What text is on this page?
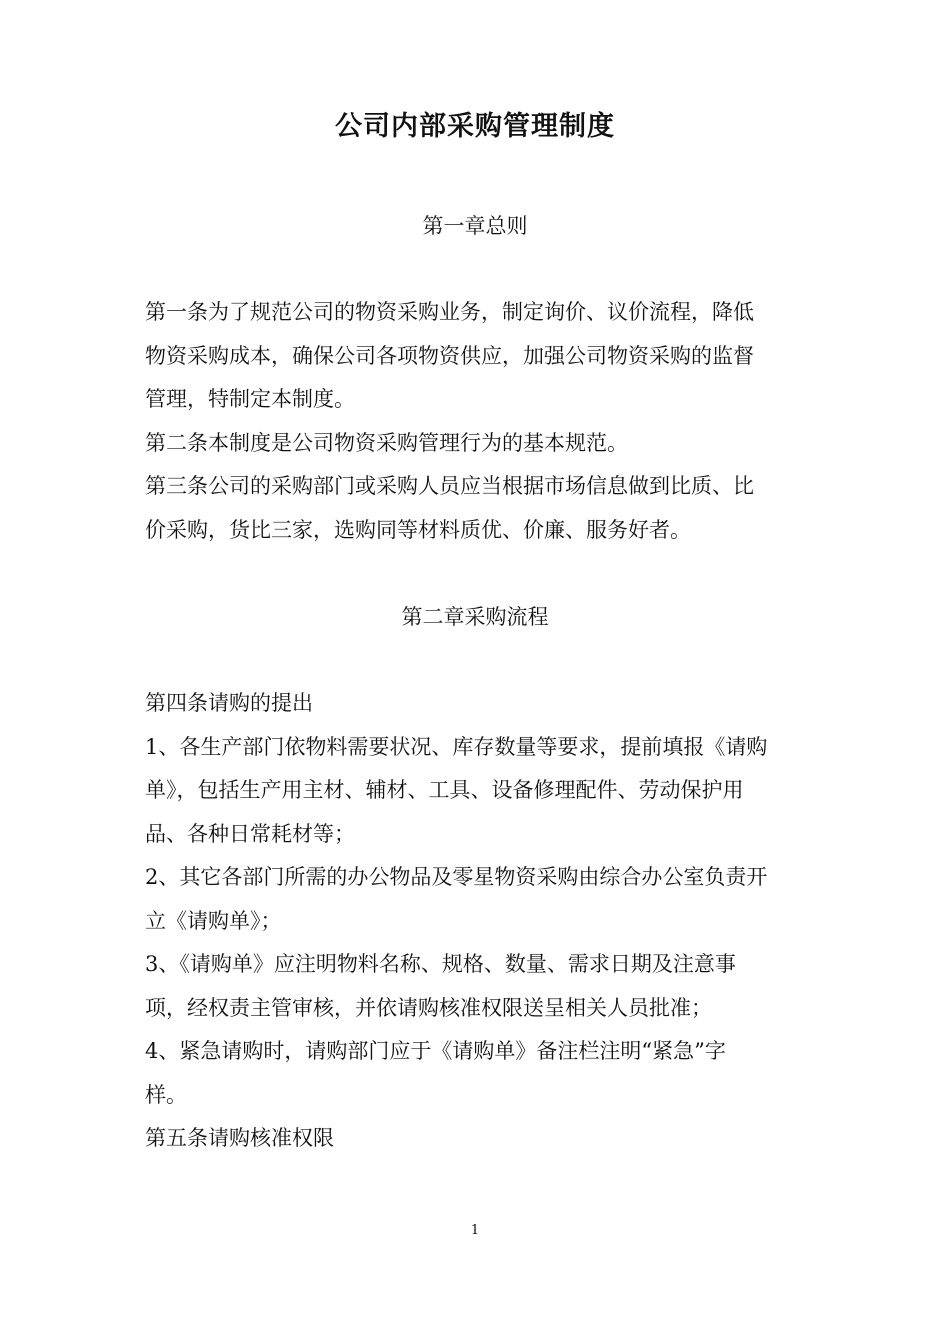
公司内部采购管理制度
第一章总则

第一条为了规范公司的物资采购业务，制定询价、议价流程，降低

物资采购成本，确保公司各项物资供应，加强公司物资采购的监督

管理，特制定本制度。

第二条本制度是公司物资采购管理行为的基本规范。

第三条公司的采购部门或采购人员应当根据市场信息做到比质、比

价采购，货比三家，选购同等材料质优、价廉、服务好者。

第二章采购流程

第四条请购的提出

1、各生产部门依物料需要状况、库存数量等要求，提前填报《请购

单》，包括生产用主材、辅材、工具、设备修理配件、劳动保护用

品、各种日常耗材等；

2、其它各部门所需的办公物品及零星物资采购由综合办公室负责开

立《请购单》；

3、《请购单》应注明物料名称、规格、数量、需求日期及注意事

项，经权责主管审核，并依请购核准权限送呈相关人员批准；

4、紧急请购时，请购部门应于《请购单》备注栏注明“紧急”字

样。

第五条请购核准权限

1
